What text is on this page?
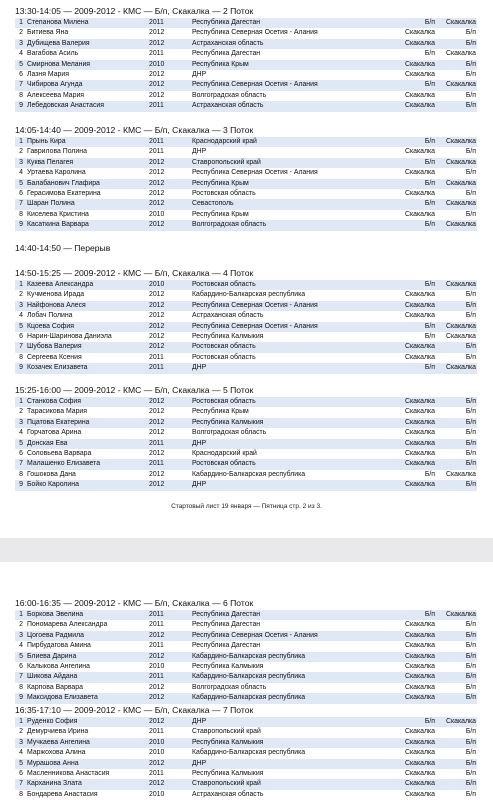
13:30-14:05 — 2009-2012 - КМС — Б/п, Скакалка — 2 Поток
1 Степанова Милена	2011	Республика Дагестан	Б/п	Скакалка
2 Битиева Яна	2012	Республика Северная Осетия - Алания	Скакалка	Б/п
3 Дубищева Валерия	2012	Астраханская область	Скакалка	Б/п
4 Вагабова Асиль	2011	Республика Дагестан	Б/п	Скакалка
5 Смирнова Мелания	2010	Республика Крым	Скакалка	Б/п
6 Лазня Мария	2012	ДНР	Скакалка	Б/п
7 Чибирова Агунда	2012	Республика Северная Осетия - Алания	Б/п	Скакалка
8 Алексеева Мария	2012	Волгоградская область	Скакалка	Б/п
9 Лебедовская Анастасия	2011	Астраханская область	Скакалка	Б/п
14:05-14:40 — 2009-2012 - КМС — Б/п, Скакалка — 3 Поток
1 Прынь Кира	2011	Краснодарский край	Б/п	Скакалка
2 Гаврилова Полина	2011	ДНР	Скакалка	Б/п
3 Куква Пелагея	2012	Ставропольский край	Б/п	Скакалка
4 Уртаева Каролина	2012	Республика Северная Осетия - Алания	Скакалка	Б/п
5 Балабанович Глафира	2012	Республика Крым	Б/п	Скакалка
6 Герасимова Екатерина	2012	Ростовская область	Скакалка	Б/п
7 Шаран Полина	2012	Севастополь	Б/п	Скакалка
8 Киселева Кристина	2010	Республика Крым	Скакалка	Б/п
9 Касаткина Варвара	2012	Волгоградская область	Б/п	Скакалка
14:40-14:50 — Перерыв
14:50-15:25 — 2009-2012 - КМС — Б/п, Скакалка — 4 Поток
1 Казеева Александра	2010	Ростовская область	Б/п	Скакалка
2 Кучменова Ирада	2012	Кабардино-Балкарская республика	Скакалка	Б/п
3 Найфонова Алеся	2012	Республика Северная Осетия - Алания	Скакалка	Б/п
4 Лобач Полина	2012	Астраханская область	Скакалка	Б/п
5 Кцоева София	2012	Республика Северная Осетия - Алания	Б/п	Скакалка
6 Нарин-Шаринова Даниэла	2012	Республика Калмыкия	Б/п	Скакалка
7 Шубова Валерия	2012	Ростовская область	Скакалка	Б/п
8 Сергеева Ксения	2011	Ростовская область	Скакалка	Б/п
9 Козачек Елизавета	2011	ДНР	Б/п	Скакалка
15:25-16:00 — 2009-2012 - КМС — Б/п, Скакалка — 5 Поток
1 Станкова София	2012	Ростовская область	Скакалка	Б/п
2 Тарасикова Мария	2012	Республика Крым	Скакалка	Б/п
3 Пцатова Екатерина	2012	Республика Калмыкия	Скакалка	Б/п
4 Горчатова Арина	2012	Волгоградская область	Скакалка	Б/п
5 Донская Ева	2011	ДНР	Скакалка	Б/п
6 Соловьева Варвара	2012	Краснодарский край	Скакалка	Б/п
7 Малашенко Елизавета	2011	Ростовская область	Скакалка	Б/п
8 Гошокова Дана	2012	Кабардино-Балкарская республика	Б/п	Скакалка
9 Бойко Каролина	2012	ДНР	Скакалка	Б/п
Стартовый лист 19 января — Пятница стр. 2 из 3.
16:00-16:35 — 2009-2012 - КМС — Б/п, Скакалка — 6 Поток
1 Боркова Эвелина	2011	Республика Дагестан	Б/п	Скакалка
2 Пономарева Александра	2011	Республика Дагестан	Скакалка	Б/п
3 Цогоева Радмила	2012	Республика Северная Осетия - Алания	Скакалка	Б/п
4 Пирбудагова Амина	2011	Республика Дагестан	Скакалка	Б/п
5 Блиева Дарина	2012	Кабардино-Балкарская республика	Скакалка	Б/п
6 Калыкова Ангелина	2010	Республика Калмыкия	Скакалка	Б/п
7 Шикова Айдана	2011	Кабардино-Балкарская республика	Скакалка	Б/п
8 Карпова Варвара	2012	Волгоградская область	Скакалка	Б/п
9 Максидова Елизавета	2012	Кабардино-Балкарская республика	Скакалка	Б/п
16:35-17:10 — 2009-2012 - КМС — Б/п, Скакалка — 7 Поток
1 Руденко София	2012	ДНР	Б/п	Скакалка
2 Демурчиева Ирина	2011	Ставропольский край	Скакалка	Б/п
3 Мучкаева Ангелина	2010	Республика Калмыкия	Скакалка	Б/п
4 Маржохова Алина	2010	Кабардино-Балкарская республика	Скакалка	Б/п
5 Мурашова Анна	2012	ДНР	Скакалка	Б/п
6 Масленникова Анастасия	2011	Республика Калмыкия	Скакалка	Б/п
7 Карханина Злата	2012	Ставропольский край	Скакалка	Б/п
8 Бондарева Анастасия	2010	Астраханская область	Скакалка	Б/п
